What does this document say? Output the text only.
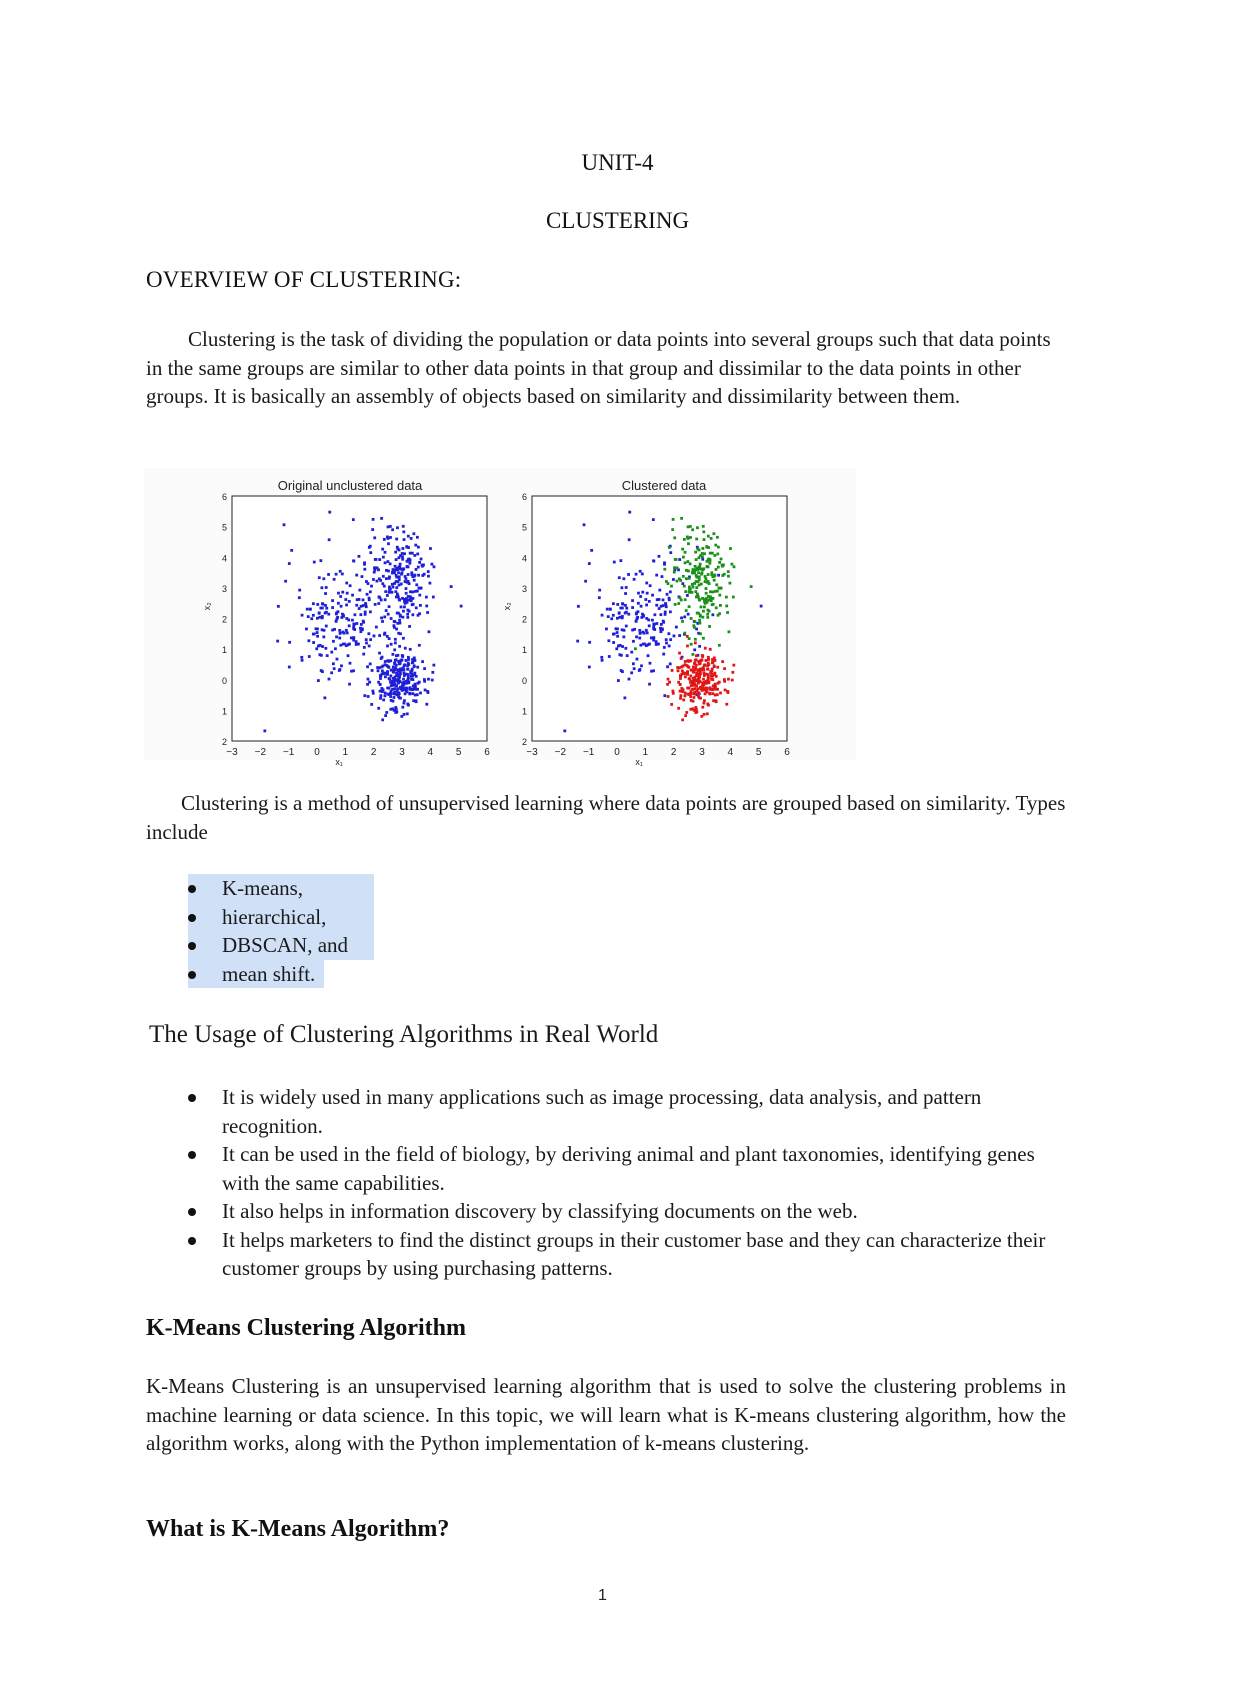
UNIT-4
CLUSTERING
OVERVIEW OF CLUSTERING:
Clustering is the task of dividing the population or data points into several groups such that data points in the same groups are similar to other data points in that group and dissimilar to the data points in other groups. It is basically an assembly of objects based on similarity and dissimilarity between them.
Original unclustered data
−3 −2 −1 0 1 2 3 4 5 6
6
5
4
3
2
1
0
1
2
x₁
x₂
Clustered data
−3 −2 −1 0 1 2 3 4 5 6
6
5
4
3
2
1
0
1
2
x₁
x₂
Clustering is a method of unsupervised learning where data points are grouped based on similarity. Types include
K-means,
hierarchical,
DBSCAN, and
mean shift.
The Usage of Clustering Algorithms in Real World
It is widely used in many applications such as image processing, data analysis, and pattern recognition.
It can be used in the field of biology, by deriving animal and plant taxonomies, identifying genes with the same capabilities.
It also helps in information discovery by classifying documents on the web.
It helps marketers to find the distinct groups in their customer base and they can characterize their customer groups by using purchasing patterns.
K-Means Clustering Algorithm
K-Means Clustering is an unsupervised learning algorithm that is used to solve the clustering problems in machine learning or data science. In this topic, we will learn what is K-means clustering algorithm, how the algorithm works, along with the Python implementation of k-means clustering.
What is K-Means Algorithm?
1
